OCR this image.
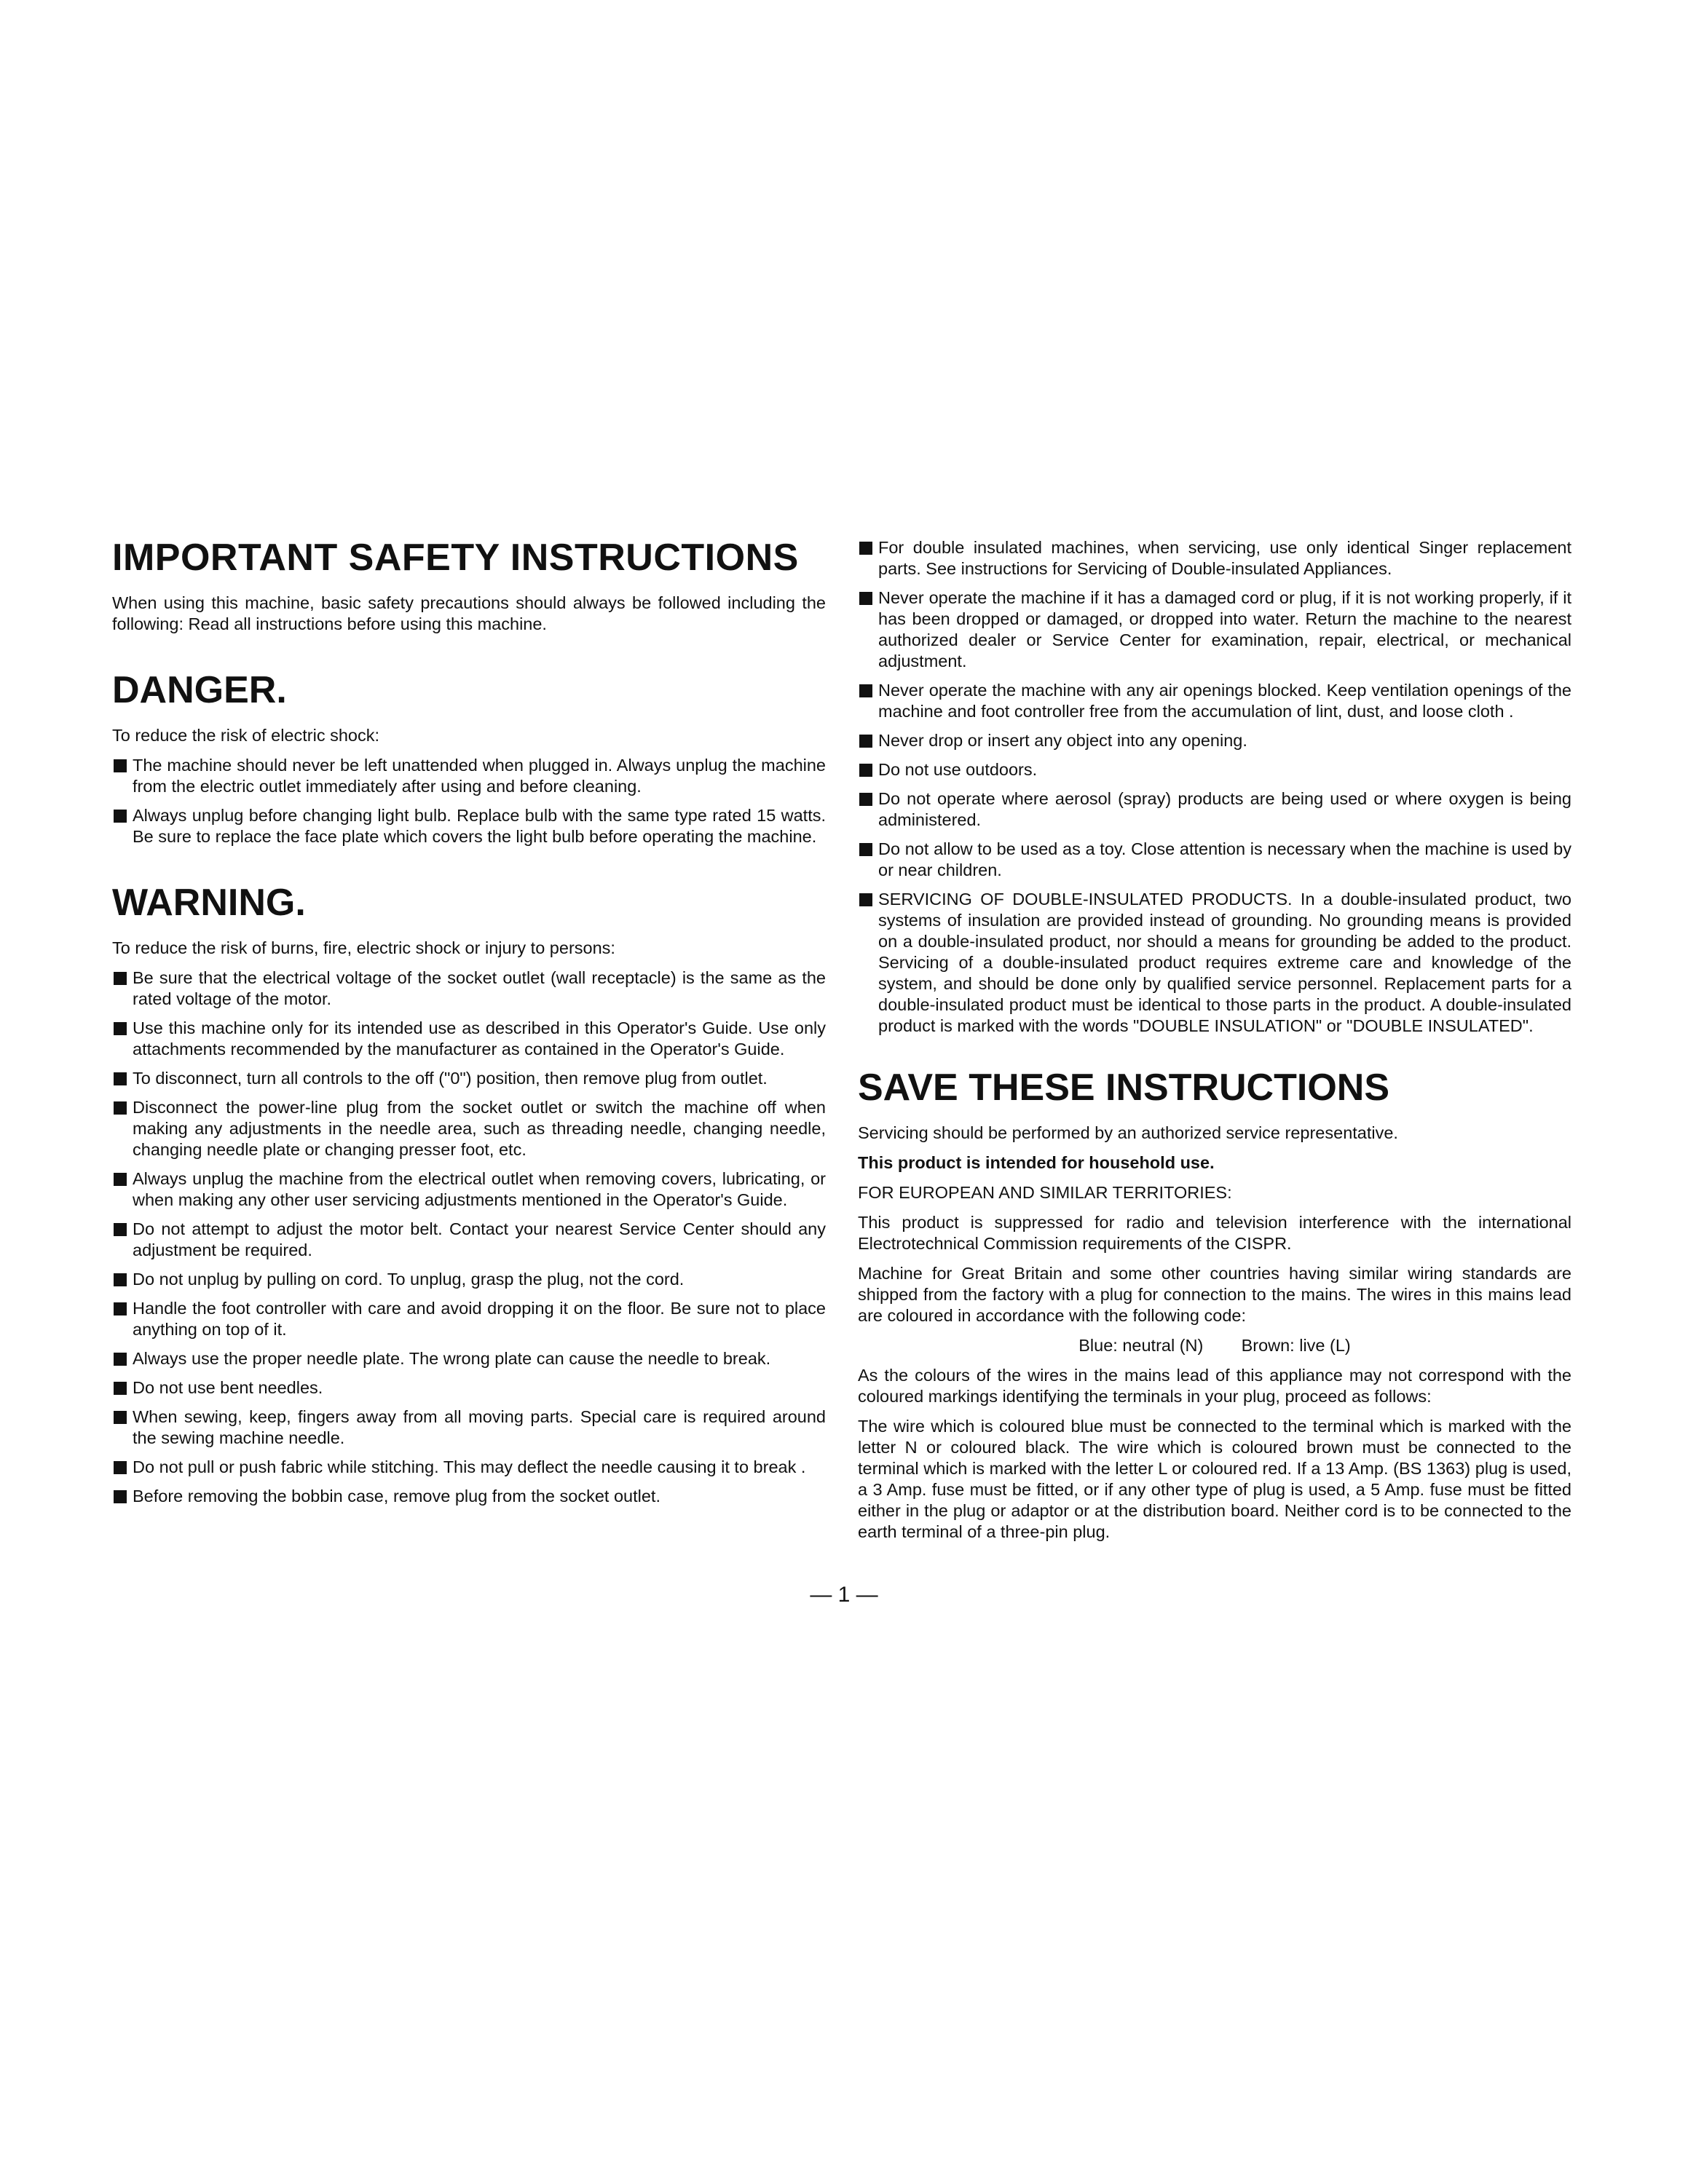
IMPORTANT SAFETY INSTRUCTIONS

When using this machine, basic safety precautions should always be followed including the following: Read all instructions before using this machine.

DANGER.

To reduce the risk of electric shock:

The machine should never be left unattended when plugged in. Always unplug the machine from the electric outlet immediately after using and before cleaning.
Always unplug before changing light bulb. Replace bulb with the same type rated 15 watts. Be sure to replace the face plate which covers the light bulb before operating the machine.
WARNING.

To reduce the risk of burns, fire, electric shock or injury to persons:

Be sure that the electrical voltage of the socket outlet (wall receptacle) is the same as the rated voltage of the motor.
Use this machine only for its intended use as described in this Operator's Guide. Use only attachments recommended by the manufacturer as contained in the Operator's Guide.
To disconnect, turn all controls to the off ("0") position, then remove plug from outlet.
Disconnect the power-line plug from the socket outlet or switch the machine off when making any adjustments in the needle area, such as threading needle, changing needle, changing needle plate or changing presser foot, etc.
Always unplug the machine from the electrical outlet when removing covers, lubricating, or when making any other user servicing adjustments mentioned in the Operator's Guide.
Do not attempt to adjust the motor belt. Contact your nearest Service Center should any adjustment be required.
Do not unplug by pulling on cord. To unplug, grasp the plug, not the cord.
Handle the foot controller with care and avoid dropping it on the floor. Be sure not to place anything on top of it.
Always use the proper needle plate. The wrong plate can cause the needle to break.
Do not use bent needles.
When sewing, keep, fingers away from all moving parts. Special care is required around the sewing machine needle.
Do not pull or push fabric while stitching. This may deflect the needle causing it to break .
Before removing the bobbin case, remove plug from the socket outlet.
For double insulated machines, when servicing, use only identical Singer replacement parts. See instructions for Servicing of Double-insulated Appliances.
Never operate the machine if it has a damaged cord or plug, if it is not working properly, if it has been dropped or damaged, or dropped into water. Return the machine to the nearest authorized dealer or Service Center for examination, repair, electrical, or mechanical adjustment.
Never operate the machine with any air openings blocked. Keep ventilation openings of the machine and foot controller free from the accumulation of lint, dust, and loose cloth .
Never drop or insert any object into any opening.
Do not use outdoors.
Do not operate where aerosol (spray) products are being used or where oxygen is being administered.
Do not allow to be used as a toy. Close attention is necessary when the machine is used by or near children.
SERVICING OF DOUBLE-INSULATED PRODUCTS. In a double-insulated product, two systems of insulation are provided instead of grounding. No grounding means is provided on a double-insulated product, nor should a means for grounding be added to the product. Servicing of a double-insulated product requires extreme care and knowledge of the system, and should be done only by qualified service personnel. Replacement parts for a double-insulated product must be identical to those parts in the product. A double-insulated product is marked with the words "DOUBLE INSULATION" or "DOUBLE INSULATED".
SAVE THESE INSTRUCTIONS

Servicing should be performed by an authorized service representative.

This product is intended for household use.

FOR EUROPEAN AND SIMILAR TERRITORIES:

This product is suppressed for radio and television interference with the international Electrotechnical Commission requirements of the CISPR.

Machine for Great Britain and some other countries having similar wiring standards are shipped from the factory with a plug for connection to the mains. The wires in this mains lead are coloured in accordance with the following code:

Blue: neutral (N)        Brown: live (L)

As the colours of the wires in the mains lead of this appliance may not correspond with the coloured markings identifying the terminals in your plug, proceed as follows:

The wire which is coloured blue must be connected to the terminal which is marked with the letter N or coloured black. The wire which is coloured brown must be connected to the terminal which is marked with the letter L or coloured red. If a 13 Amp. (BS 1363) plug is used, a 3 Amp. fuse must be fitted, or if any other type of plug is used, a 5 Amp. fuse must be fitted either in the plug or adaptor or at the distribution board. Neither cord is to be connected to the earth terminal of a three-pin plug.

— 1 —
